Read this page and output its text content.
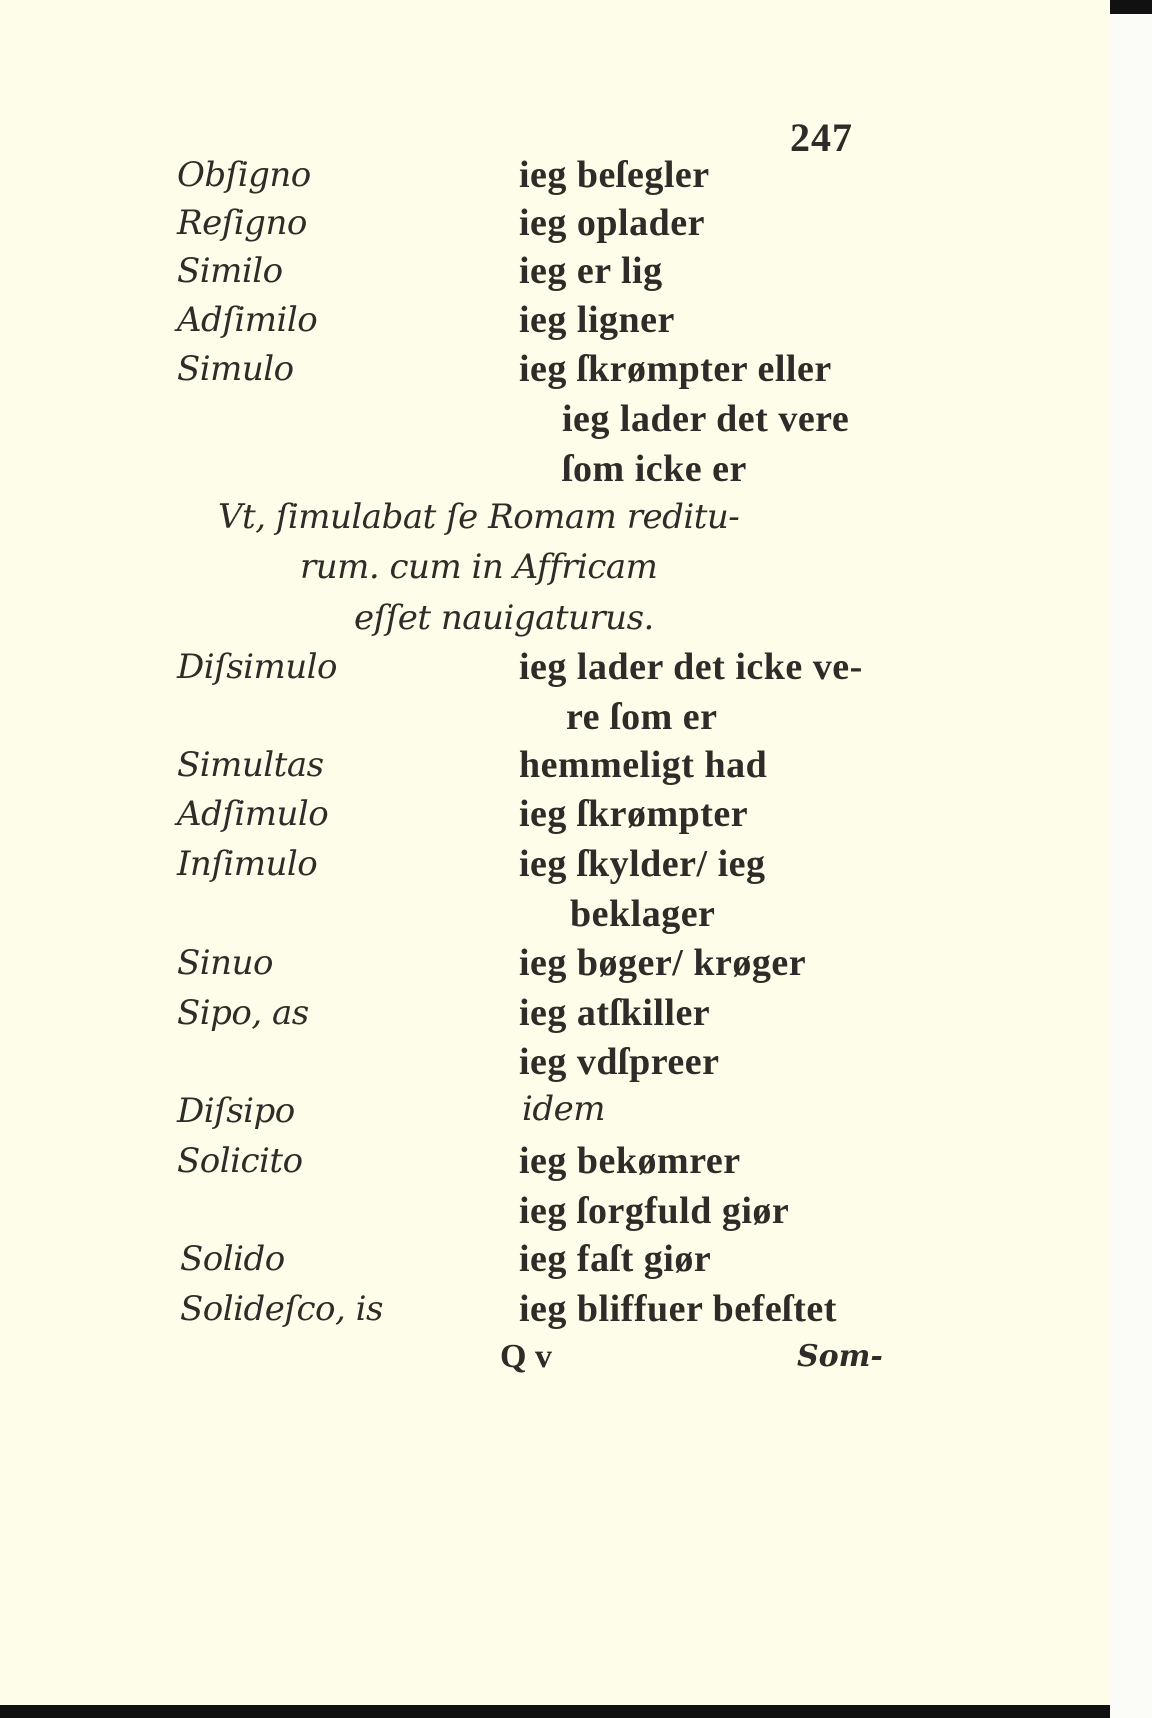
247
Obſigno	ieg beſegler
Reſigno	ieg oplader
Similo	ieg er lig
Adſimilo	ieg ligner
Simulo	ieg ſkrømpter eller
ieg lader det vere
ſom icke er
Vt, ſimulabat ſe Romam reditu-
rum. cum in Affricam
eſſet nauigaturus.
Diſsimulo	ieg lader det icke ve-
re ſom er
Simultas	hemmeligt had
Adſimulo	ieg ſkrømpter
Inſimulo	ieg ſkylder/ ieg
beklager
Sinuo	ieg bøger/ krøger
Sipo, as	ieg atſkiller
ieg vdſpreer
Diſsipo	idem
Solicito	ieg bekømrer
ieg ſorgfuld giør
Solido	ieg faſt giør
Solideſco, is	ieg bliffuer befeſtet
Q v	Som-
